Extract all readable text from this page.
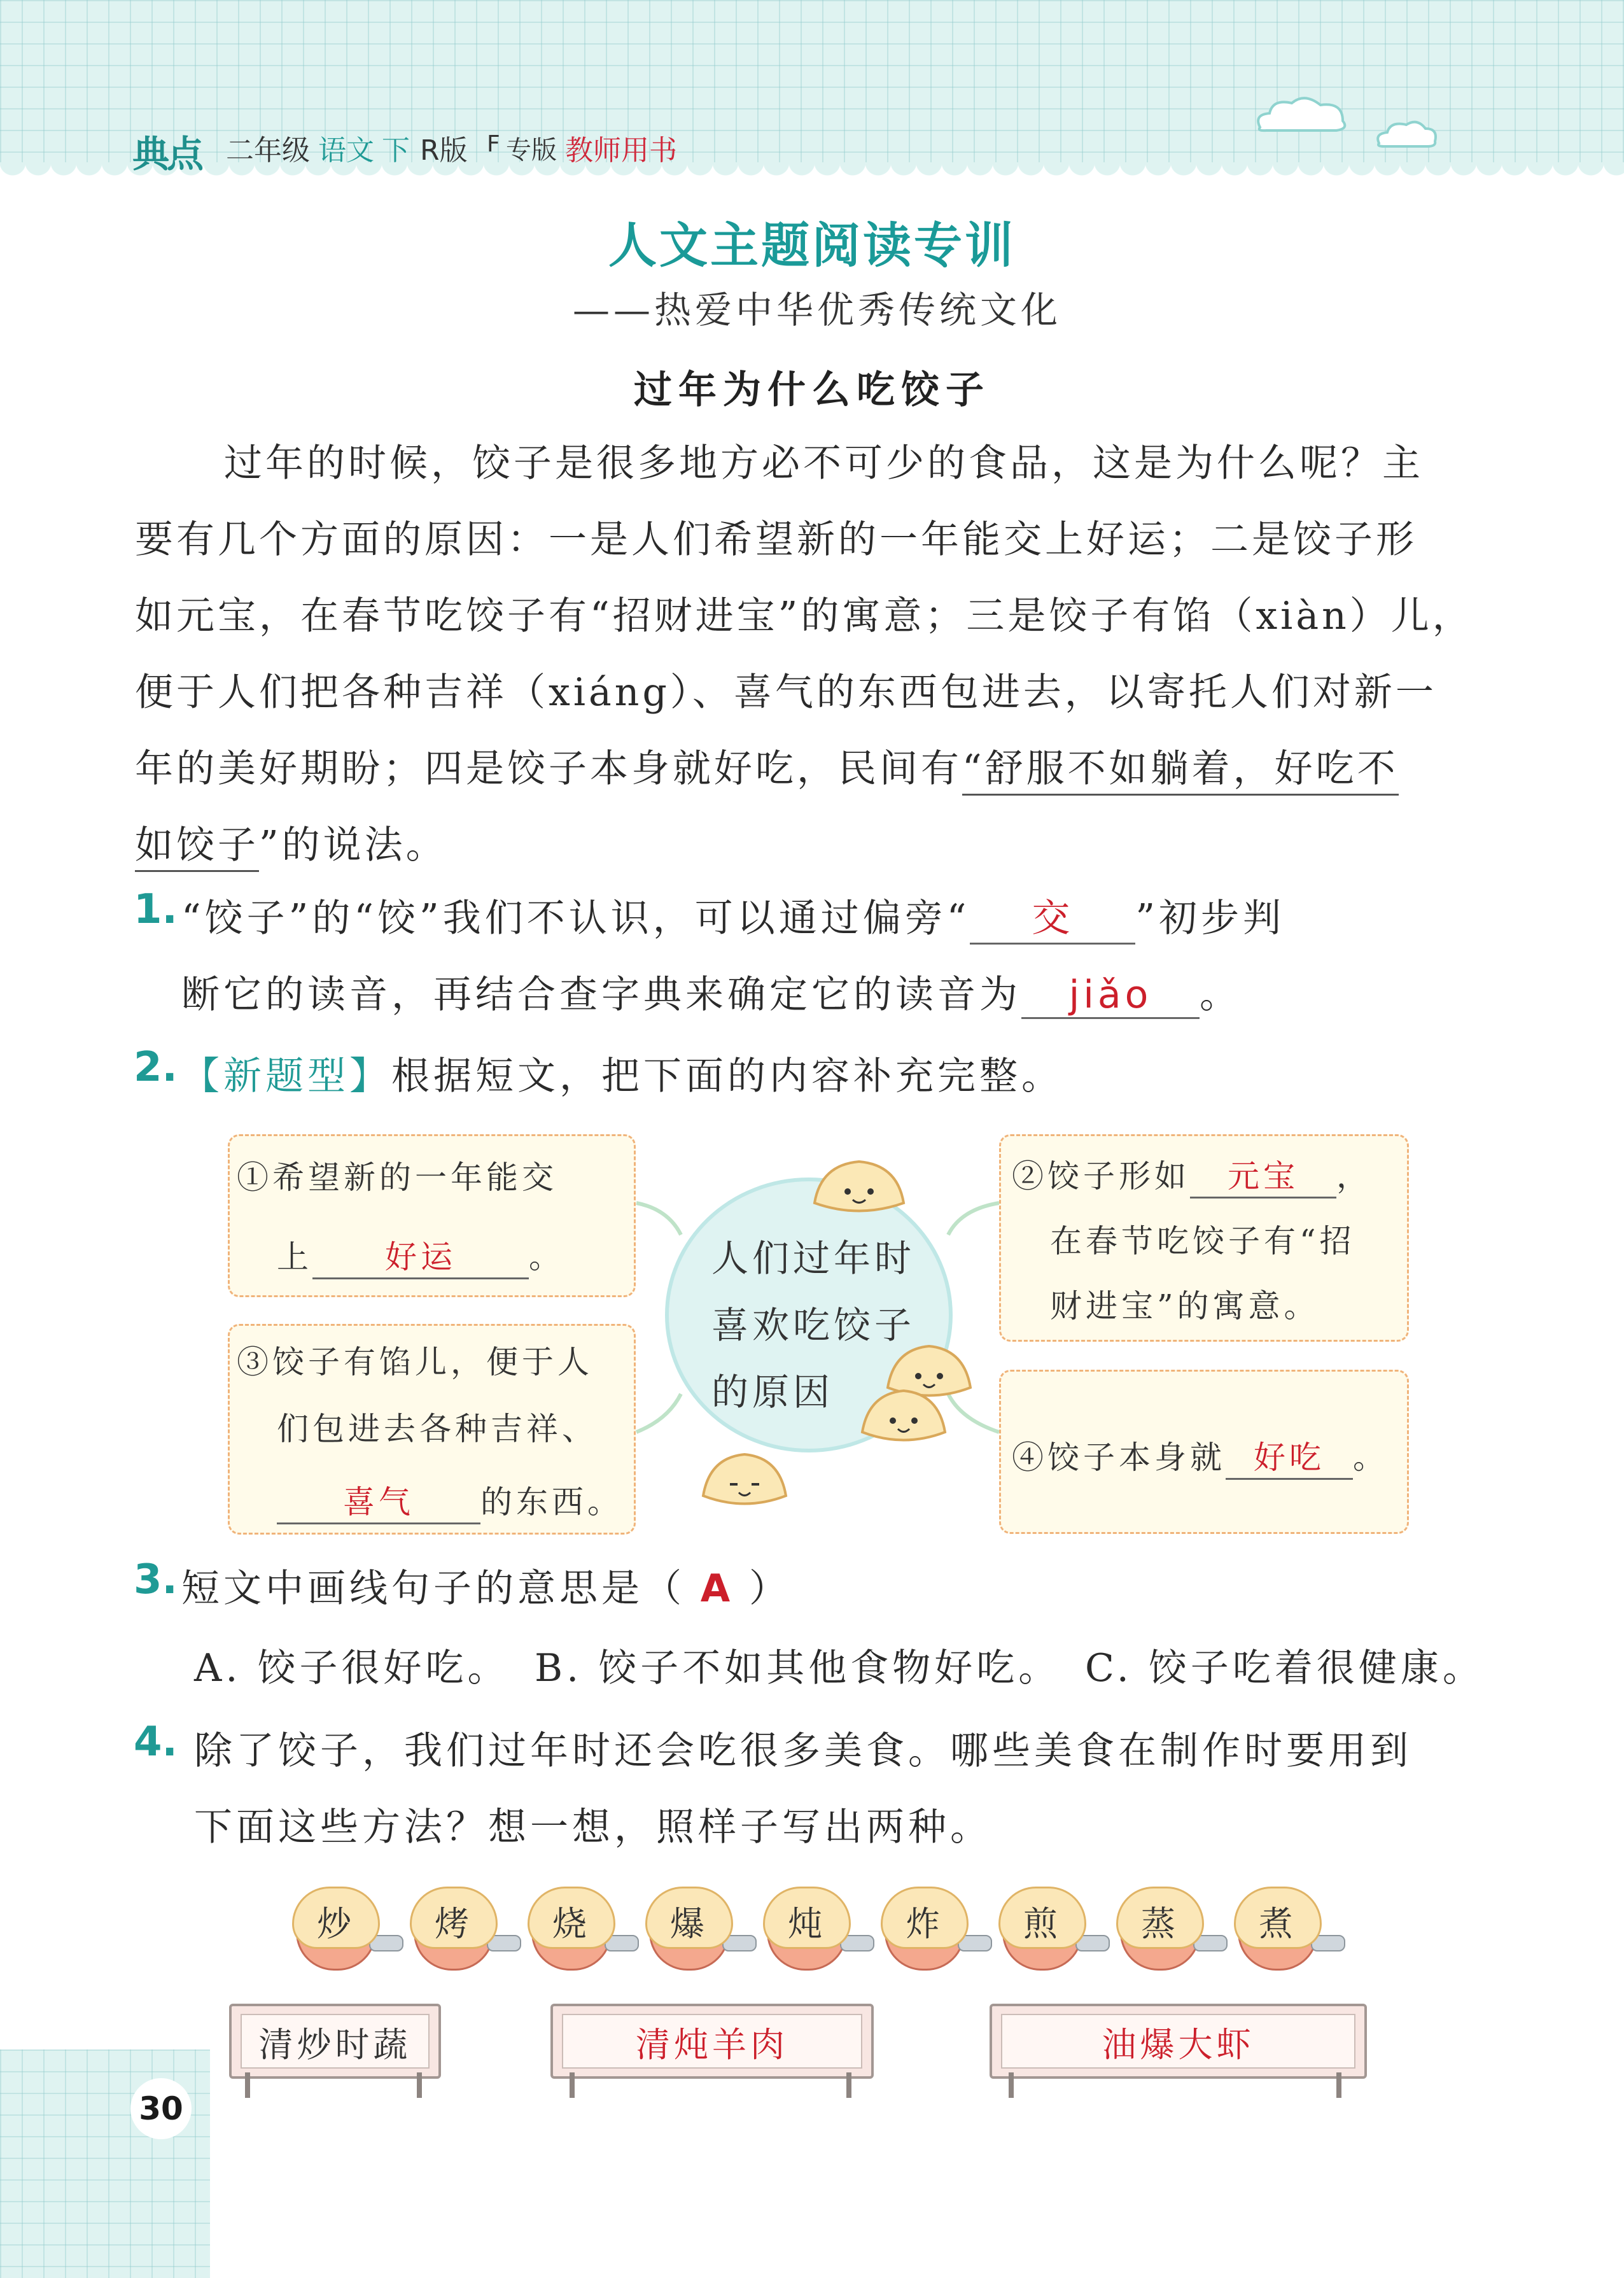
典点 二年级 语文 下 R版 F 专版 教师用书
人文主题阅读专训
——热爱中华优秀传统文化
过年为什么吃饺子
过年的时候，饺子是很多地方必不可少的食品，这是为什么呢？主
要有几个方面的原因：一是人们希望新的一年能交上好运；二是饺子形
如元宝，在春节吃饺子有“招财进宝”的寓意；三是饺子有馅（xiàn）儿，
便于人们把各种吉祥（xiáng）、喜气的东西包进去，以寄托人们对新一
年的美好期盼；四是饺子本身就好吃，民间有“舒服不如躺着，好吃不
如饺子”的说法。
1. “饺子”的“饺”我们不认识，可以通过偏旁“ 交 ”初步判
断它的读音，再结合查字典来确定它的读音为 jiǎo 。
2. 【新题型】根据短文，把下面的内容补充完整。
人们过年时
喜欢吃饺子
的原因
①希望新的一年能交
上 好运 。
②饺子形如 元宝 ，
在春节吃饺子有“招
财进宝”的寓意。
③饺子有馅儿，便于人
们包进去各种吉祥、
喜气 的东西。
④饺子本身就 好吃 。
3. 短文中画线句子的意思是（ A ）
A. 饺子很好吃。 B. 饺子不如其他食物好吃。 C. 饺子吃着很健康。
4. 除了饺子，我们过年时还会吃很多美食。哪些美食在制作时要用到
下面这些方法？想一想，照样子写出两种。
炒	烤	烧	爆	炖	炸	煎	蒸	煮
清炒时蔬	清炖羊肉	油爆大虾
30
